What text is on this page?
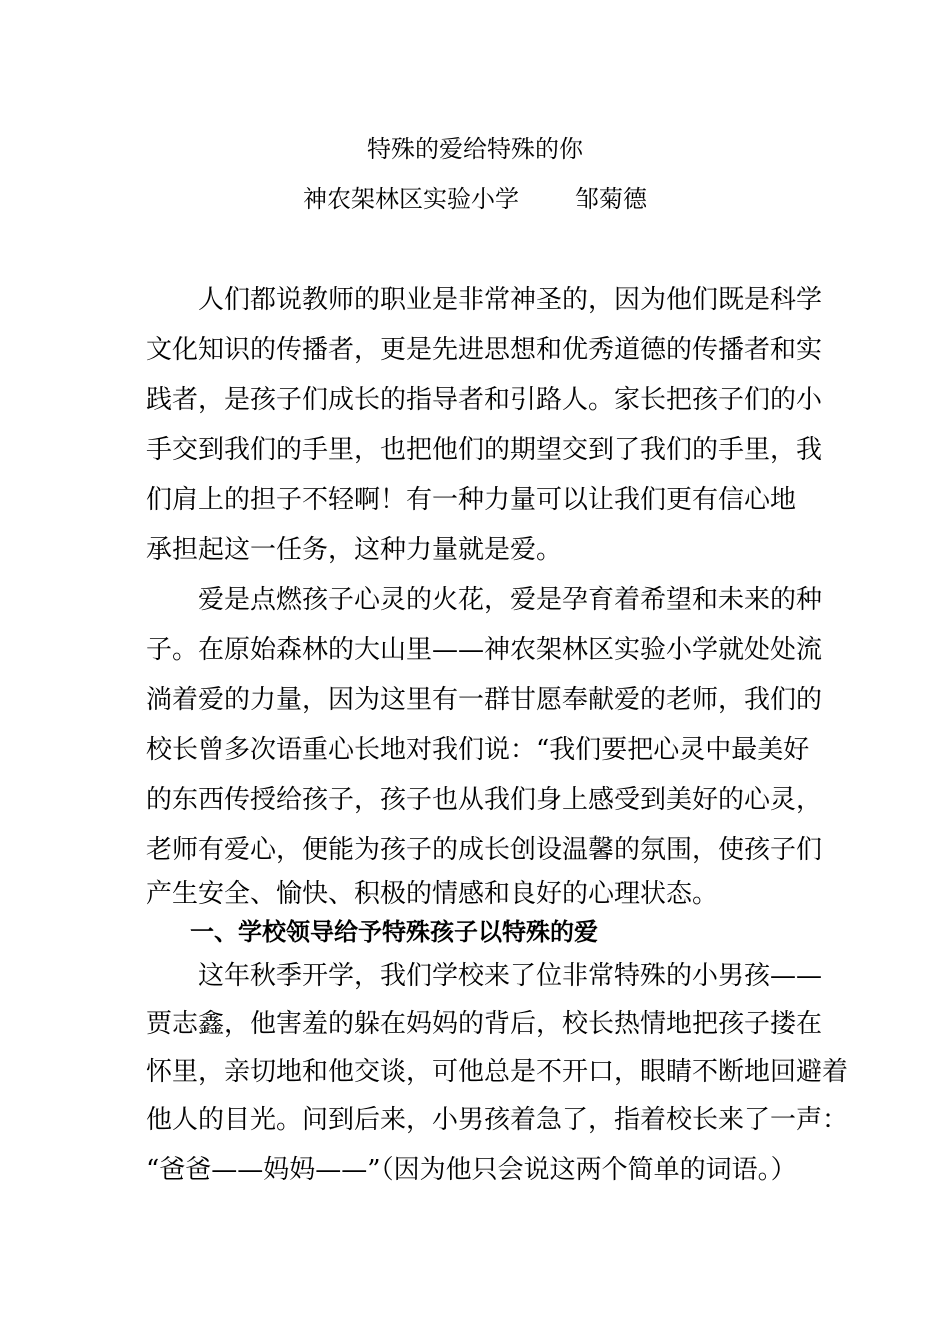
特殊的爱给特殊的你
神农架林区实验小学 邹菊德
人们都说教师的职业是非常神圣的，因为他们既是科学
文化知识的传播者，更是先进思想和优秀道德的传播者和实
践者，是孩子们成长的指导者和引路人。家长把孩子们的小
手交到我们的手里，也把他们的期望交到了我们的手里，我
们肩上的担子不轻啊！有一种力量可以让我们更有信心地
承担起这一任务，这种力量就是爱。
爱是点燃孩子心灵的火花，爱是孕育着希望和未来的种
子。在原始森林的大山里——神农架林区实验小学就处处流
淌着爱的力量，因为这里有一群甘愿奉献爱的老师，我们的
校长曾多次语重心长地对我们说：“我们要把心灵中最美好
的东西传授给孩子，孩子也从我们身上感受到美好的心灵，
老师有爱心，便能为孩子的成长创设温馨的氛围，使孩子们
产生安全、愉快、积极的情感和良好的心理状态。
一、学校领导给予特殊孩子以特殊的爱
这年秋季开学，我们学校来了位非常特殊的小男孩——
贾志鑫，他害羞的躲在妈妈的背后，校长热情地把孩子搂在
怀里，亲切地和他交谈，可他总是不开口，眼睛不断地回避着
他人的目光。问到后来，小男孩着急了，指着校长来了一声：
“爸爸——妈妈——”（因为他只会说这两个简单的词语。）
